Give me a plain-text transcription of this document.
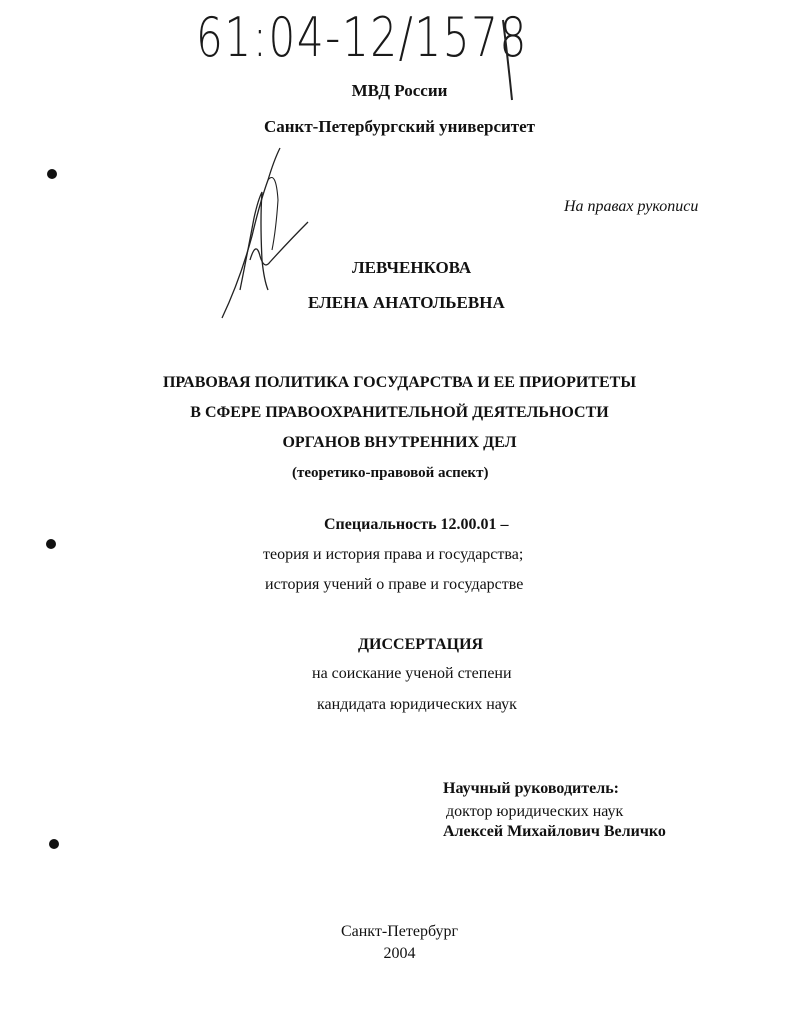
61:04-12/1578
МВД России
Санкт-Петербургский университет
На правах рукописи
ЛЕВЧЕНКОВА
ЕЛЕНА АНАТОЛЬЕВНА
ПРАВОВАЯ ПОЛИТИКА ГОСУДАРСТВА И ЕЕ ПРИОРИТЕТЫ
В СФЕРЕ ПРАВООХРАНИТЕЛЬНОЙ ДЕЯТЕЛЬНОСТИ
ОРГАНОВ ВНУТРЕННИХ ДЕЛ
(теоретико-правовой аспект)
Специальность 12.00.01 –
теория и история права и государства;
история учений о праве и государстве
ДИССЕРТАЦИЯ
на соискание ученой степени
кандидата юридических наук
Научный руководитель:
доктор юридических наук
Алексей Михайлович Величко
Санкт-Петербург
2004
